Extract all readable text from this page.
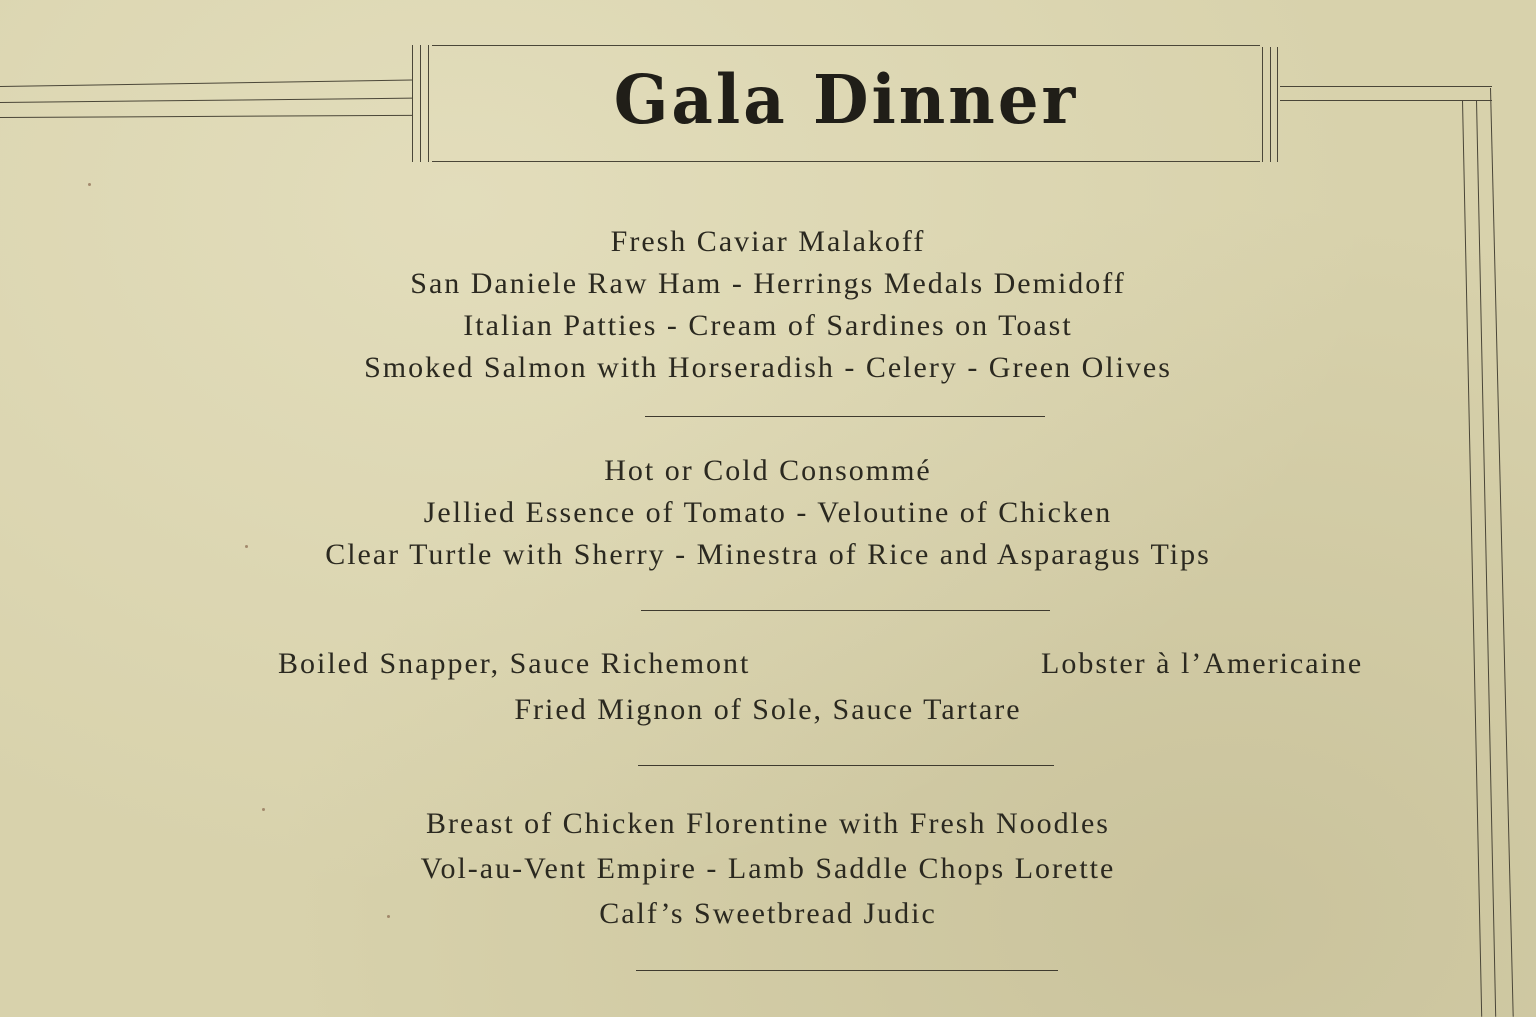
Gala Dinner
Fresh Caviar Malakoff
San Daniele Raw Ham - Herrings Medals Demidoff
Italian Patties - Cream of Sardines on Toast
Smoked Salmon with Horseradish - Celery - Green Olives
Hot or Cold Consommé
Jellied Essence of Tomato - Veloutine of Chicken
Clear Turtle with Sherry - Minestra of Rice and Asparagus Tips
Boiled Snapper, Sauce Richemont	Lobster à l’Americaine
Fried Mignon of Sole, Sauce Tartare
Breast of Chicken Florentine with Fresh Noodles
Vol-au-Vent Empire - Lamb Saddle Chops Lorette
Calf’s Sweetbread Judic
